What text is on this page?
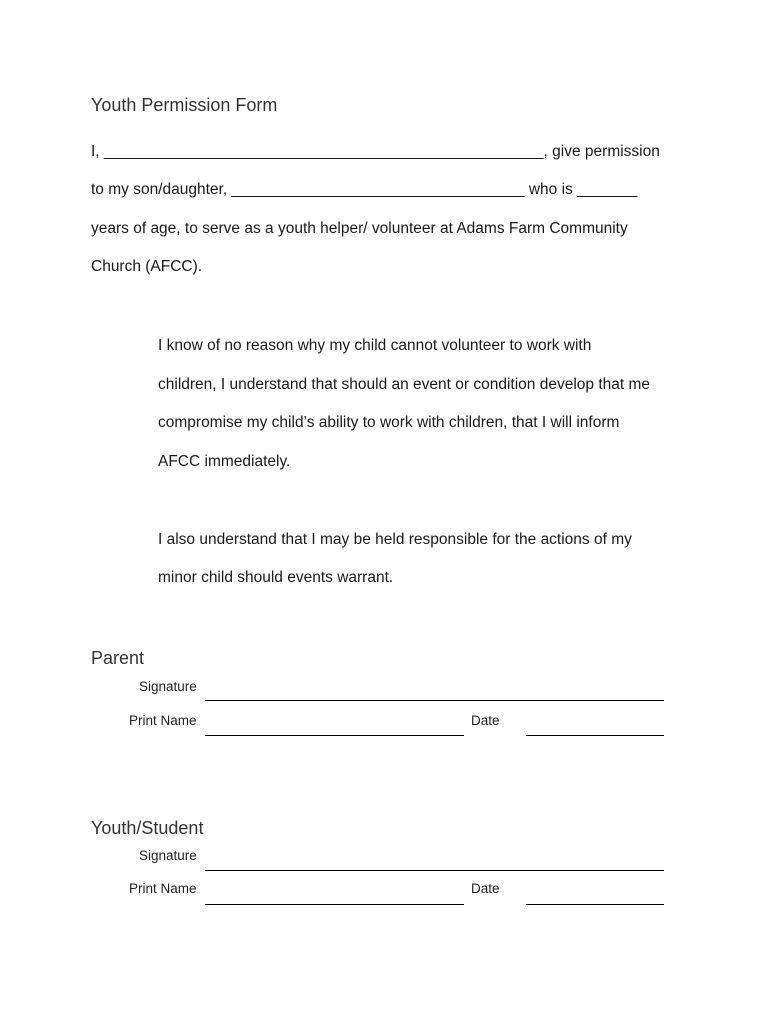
Youth Permission Form
I, ___________________________________________________, give permission
to my son/daughter, __________________________________ who is _______
years of age, to serve as a youth helper/ volunteer at Adams Farm Community
Church (AFCC).
I know of no reason why my child cannot volunteer to work with
children, I understand that should an event or condition develop that me
compromise my child’s ability to work with children, that I will inform
AFCC immediately.
I also understand that I may be held responsible for the actions of my
minor child should events warrant.
Parent
Signature
Print Name	Date
Youth/Student
Signature
Print Name	Date
